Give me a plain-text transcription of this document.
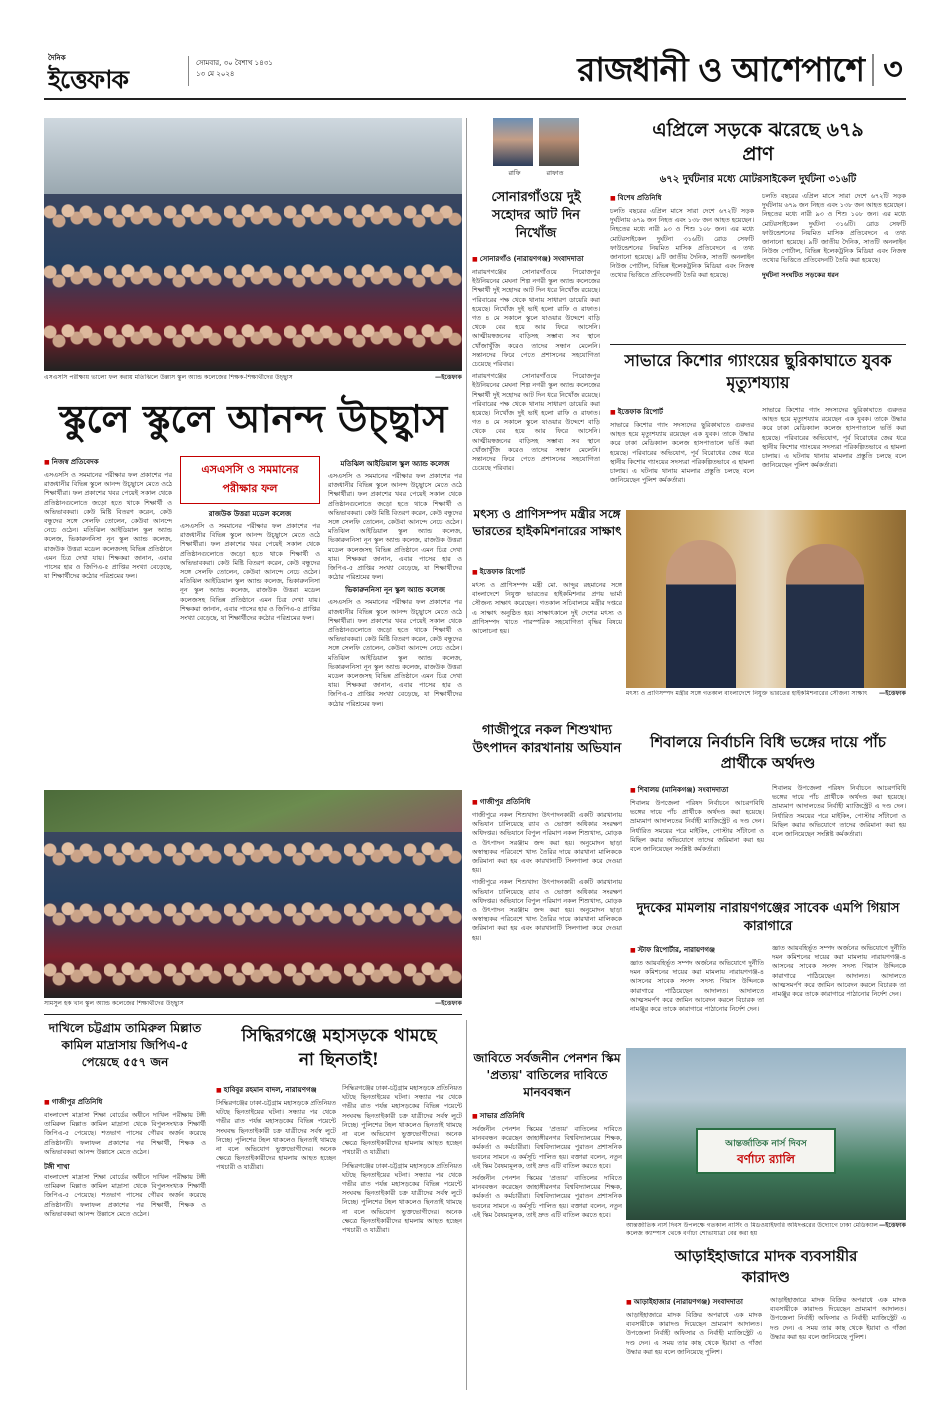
দৈনিক
ইত্তেফাক
সোমবার, ৩০ বৈশাখ ১৪৩১
১৩ মে ২০২৪	রাজধানী ও আশেপাশে ৩
এসএসসি পরীক্ষায় ভালো ফল করায় মতিঝিলে উল্লাস স্কুল অ্যান্ড কলেজের শিক্ষক-শিক্ষার্থীদের উচ্ছ্বাস	—ইত্তেফাক
স্কুলে স্কুলে আনন্দ উচ্ছ্বাস
■ নিজস্ব প্রতিবেদক
এসএসসি ও সমমানের পরীক্ষার ফল প্রকাশের পর রাজধানীর বিভিন্ন স্কুলে আনন্দ উচ্ছ্বাসে মেতে ওঠে শিক্ষার্থীরা। ফল প্রকাশের খবর পেয়েই সকাল থেকে প্রতিষ্ঠানগুলোতে জড়ো হতে থাকে শিক্ষার্থী ও অভিভাবকরা। কেউ মিষ্টি বিতরণ করেন, কেউ বন্ধুদের সঙ্গে সেলফি তোলেন, কেউবা আনন্দে নেচে ওঠেন। মতিঝিল আইডিয়াল স্কুল অ্যান্ড কলেজ, ভিকারুননিসা নূন স্কুল অ্যান্ড কলেজ, রাজউক উত্তরা মডেল কলেজসহ বিভিন্ন প্রতিষ্ঠানে এমন চিত্র দেখা যায়। শিক্ষকরা জানান, এবার পাসের হার ও জিপিএ-৫ প্রাপ্তির সংখ্যা বেড়েছে, যা শিক্ষার্থীদের কঠোর পরিশ্রমের ফল।
এসএসসি ও সমমানের পরীক্ষার ফল
রাজউক উত্তরা মডেল কলেজ
এসএসসি ও সমমানের পরীক্ষার ফল প্রকাশের পর রাজধানীর বিভিন্ন স্কুলে আনন্দ উচ্ছ্বাসে মেতে ওঠে শিক্ষার্থীরা। ফল প্রকাশের খবর পেয়েই সকাল থেকে প্রতিষ্ঠানগুলোতে জড়ো হতে থাকে শিক্ষার্থী ও অভিভাবকরা। কেউ মিষ্টি বিতরণ করেন, কেউ বন্ধুদের সঙ্গে সেলফি তোলেন, কেউবা আনন্দে নেচে ওঠেন। মতিঝিল আইডিয়াল স্কুল অ্যান্ড কলেজ, ভিকারুননিসা নূন স্কুল অ্যান্ড কলেজ, রাজউক উত্তরা মডেল কলেজসহ বিভিন্ন প্রতিষ্ঠানে এমন চিত্র দেখা যায়। শিক্ষকরা জানান, এবার পাসের হার ও জিপিএ-৫ প্রাপ্তির সংখ্যা বেড়েছে, যা শিক্ষার্থীদের কঠোর পরিশ্রমের ফল।
মতিঝিল আইডিয়াল স্কুল অ্যান্ড কলেজ
এসএসসি ও সমমানের পরীক্ষার ফল প্রকাশের পর রাজধানীর বিভিন্ন স্কুলে আনন্দ উচ্ছ্বাসে মেতে ওঠে শিক্ষার্থীরা। ফল প্রকাশের খবর পেয়েই সকাল থেকে প্রতিষ্ঠানগুলোতে জড়ো হতে থাকে শিক্ষার্থী ও অভিভাবকরা। কেউ মিষ্টি বিতরণ করেন, কেউ বন্ধুদের সঙ্গে সেলফি তোলেন, কেউবা আনন্দে নেচে ওঠেন। মতিঝিল আইডিয়াল স্কুল অ্যান্ড কলেজ, ভিকারুননিসা নূন স্কুল অ্যান্ড কলেজ, রাজউক উত্তরা মডেল কলেজসহ বিভিন্ন প্রতিষ্ঠানে এমন চিত্র দেখা যায়। শিক্ষকরা জানান, এবার পাসের হার ও জিপিএ-৫ প্রাপ্তির সংখ্যা বেড়েছে, যা শিক্ষার্থীদের কঠোর পরিশ্রমের ফল।
ভিকারুননিসা নূন স্কুল অ্যান্ড কলেজ
এসএসসি ও সমমানের পরীক্ষার ফল প্রকাশের পর রাজধানীর বিভিন্ন স্কুলে আনন্দ উচ্ছ্বাসে মেতে ওঠে শিক্ষার্থীরা। ফল প্রকাশের খবর পেয়েই সকাল থেকে প্রতিষ্ঠানগুলোতে জড়ো হতে থাকে শিক্ষার্থী ও অভিভাবকরা। কেউ মিষ্টি বিতরণ করেন, কেউ বন্ধুদের সঙ্গে সেলফি তোলেন, কেউবা আনন্দে নেচে ওঠেন। মতিঝিল আইডিয়াল স্কুল অ্যান্ড কলেজ, ভিকারুননিসা নূন স্কুল অ্যান্ড কলেজ, রাজউক উত্তরা মডেল কলেজসহ বিভিন্ন প্রতিষ্ঠানে এমন চিত্র দেখা যায়। শিক্ষকরা জানান, এবার পাসের হার ও জিপিএ-৫ প্রাপ্তির সংখ্যা বেড়েছে, যা শিক্ষার্থীদের কঠোর পরিশ্রমের ফল।
সামসুল হক খান স্কুল অ্যান্ড কলেজের শিক্ষার্থীদের উচ্ছ্বাস	—ইত্তেফাক
দাখিলে চট্টগ্রাম তামিরুল মিল্লাত কামিল মাদ্রাসায় জিপিএ-৫ পেয়েছে ৫৫৭ জন
■ গাজীপুর প্রতিনিধি
বাংলাদেশ মাদ্রাসা শিক্ষা বোর্ডের অধীনে দাখিল পরীক্ষায় টঙ্গী তামিরুল মিল্লাত কামিল মাদ্রাসা থেকে বিপুলসংখ্যক শিক্ষার্থী জিপিএ-৫ পেয়েছে। শতভাগ পাসের গৌরব অর্জন করেছে প্রতিষ্ঠানটি। ফলাফল প্রকাশের পর শিক্ষার্থী, শিক্ষক ও অভিভাবকরা আনন্দ উল্লাসে মেতে ওঠেন।
টঙ্গী শাখা
বাংলাদেশ মাদ্রাসা শিক্ষা বোর্ডের অধীনে দাখিল পরীক্ষায় টঙ্গী তামিরুল মিল্লাত কামিল মাদ্রাসা থেকে বিপুলসংখ্যক শিক্ষার্থী জিপিএ-৫ পেয়েছে। শতভাগ পাসের গৌরব অর্জন করেছে প্রতিষ্ঠানটি। ফলাফল প্রকাশের পর শিক্ষার্থী, শিক্ষক ও অভিভাবকরা আনন্দ উল্লাসে মেতে ওঠেন।
সিদ্ধিরগঞ্জে মহাসড়কে থামছে না ছিনতাই!
■ হাবিবুর রহমান বাদল, নারায়ণগঞ্জ
সিদ্ধিরগঞ্জের ঢাকা-চট্টগ্রাম মহাসড়কে প্রতিনিয়ত ঘটছে ছিনতাইয়ের ঘটনা। সন্ধ্যার পর থেকে গভীর রাত পর্যন্ত মহাসড়কের বিভিন্ন পয়েন্টে সংঘবদ্ধ ছিনতাইকারী চক্র যাত্রীদের সর্বস্ব লুটে নিচ্ছে। পুলিশের টহল থাকলেও ছিনতাই থামছে না বলে অভিযোগ ভুক্তভোগীদের। অনেক ক্ষেত্রে ছিনতাইকারীদের হামলায় আহত হচ্ছেন পথচারী ও যাত্রীরা।
সিদ্ধিরগঞ্জের ঢাকা-চট্টগ্রাম মহাসড়কে প্রতিনিয়ত ঘটছে ছিনতাইয়ের ঘটনা। সন্ধ্যার পর থেকে গভীর রাত পর্যন্ত মহাসড়কের বিভিন্ন পয়েন্টে সংঘবদ্ধ ছিনতাইকারী চক্র যাত্রীদের সর্বস্ব লুটে নিচ্ছে। পুলিশের টহল থাকলেও ছিনতাই থামছে না বলে অভিযোগ ভুক্তভোগীদের। অনেক ক্ষেত্রে ছিনতাইকারীদের হামলায় আহত হচ্ছেন পথচারী ও যাত্রীরা।
সিদ্ধিরগঞ্জের ঢাকা-চট্টগ্রাম মহাসড়কে প্রতিনিয়ত ঘটছে ছিনতাইয়ের ঘটনা। সন্ধ্যার পর থেকে গভীর রাত পর্যন্ত মহাসড়কের বিভিন্ন পয়েন্টে সংঘবদ্ধ ছিনতাইকারী চক্র যাত্রীদের সর্বস্ব লুটে নিচ্ছে। পুলিশের টহল থাকলেও ছিনতাই থামছে না বলে অভিযোগ ভুক্তভোগীদের। অনেক ক্ষেত্রে ছিনতাইকারীদের হামলায় আহত হচ্ছেন পথচারী ও যাত্রীরা।
রাফি	রাফাত
সোনারগাঁওয়ে দুই সহোদর আট দিন নিখোঁজ
■ সোনারগাঁও (নারায়ণগঞ্জ) সংবাদদাতা
নারায়ণগঞ্জের সোনারগাঁওয়ে পিরোজপুর ইউনিয়নের মেঘনা শিল্প নগরী স্কুল অ্যান্ড কলেজের শিক্ষার্থী দুই সহোদর আট দিন ধরে নিখোঁজ রয়েছে। পরিবারের পক্ষ থেকে থানায় সাধারণ ডায়েরি করা হয়েছে। নিখোঁজ দুই ভাই হলো রাফি ও রাফাত। গত ৪ মে সকালে স্কুলে যাওয়ার উদ্দেশে বাড়ি থেকে বের হয়ে আর ফিরে আসেনি। আত্মীয়স্বজনের বাড়িসহ সম্ভাব্য সব স্থানে খোঁজাখুঁজি করেও তাদের সন্ধান মেলেনি। সন্তানদের ফিরে পেতে প্রশাসনের সহযোগিতা চেয়েছে পরিবার।
নারায়ণগঞ্জের সোনারগাঁওয়ে পিরোজপুর ইউনিয়নের মেঘনা শিল্প নগরী স্কুল অ্যান্ড কলেজের শিক্ষার্থী দুই সহোদর আট দিন ধরে নিখোঁজ রয়েছে। পরিবারের পক্ষ থেকে থানায় সাধারণ ডায়েরি করা হয়েছে। নিখোঁজ দুই ভাই হলো রাফি ও রাফাত। গত ৪ মে সকালে স্কুলে যাওয়ার উদ্দেশে বাড়ি থেকে বের হয়ে আর ফিরে আসেনি। আত্মীয়স্বজনের বাড়িসহ সম্ভাব্য সব স্থানে খোঁজাখুঁজি করেও তাদের সন্ধান মেলেনি। সন্তানদের ফিরে পেতে প্রশাসনের সহযোগিতা চেয়েছে পরিবার।
এপ্রিলে সড়কে ঝরেছে ৬৭৯ প্রাণ
৬৭২ দুর্ঘটনার মধ্যে মোটরসাইকেল দুর্ঘটনা ৩১৬টি
■ বিশেষ প্রতিনিধি
চলতি বছরের এপ্রিল মাসে সারা দেশে ৬৭২টি সড়ক দুর্ঘটনায় ৬৭৯ জন নিহত এবং ১৩৮ জন আহত হয়েছেন। নিহতের মধ্যে নারী ৯৩ ও শিশু ১০৮ জন। এর মধ্যে মোটরসাইকেল দুর্ঘটনা ৩১৬টি। রোড সেফটি ফাউন্ডেশনের নিয়মিত মাসিক প্রতিবেদনে এ তথ্য জানানো হয়েছে। ৯টি জাতীয় দৈনিক, সাতটি অনলাইন নিউজ পোর্টাল, বিভিন্ন ইলেকট্রনিক মিডিয়া এবং নিজস্ব তথ্যের ভিত্তিতে প্রতিবেদনটি তৈরি করা হয়েছে।
চলতি বছরের এপ্রিল মাসে সারা দেশে ৬৭২টি সড়ক দুর্ঘটনায় ৬৭৯ জন নিহত এবং ১৩৮ জন আহত হয়েছেন। নিহতের মধ্যে নারী ৯৩ ও শিশু ১০৮ জন। এর মধ্যে মোটরসাইকেল দুর্ঘটনা ৩১৬টি। রোড সেফটি ফাউন্ডেশনের নিয়মিত মাসিক প্রতিবেদনে এ তথ্য জানানো হয়েছে। ৯টি জাতীয় দৈনিক, সাতটি অনলাইন নিউজ পোর্টাল, বিভিন্ন ইলেকট্রনিক মিডিয়া এবং নিজস্ব তথ্যের ভিত্তিতে প্রতিবেদনটি তৈরি করা হয়েছে।
দুর্ঘটনা সংঘটিত সড়কের ধরন
সাভারে কিশোর গ্যাংয়ের ছুরিকাঘাতে যুবক মৃত্যুশয্যায়
■ ইত্তেফাক রিপোর্ট
সাভারে কিশোর গ্যাং সদস্যদের ছুরিকাঘাতে গুরুতর আহত হয়ে মৃত্যুশয্যায় রয়েছেন এক যুবক। তাকে উদ্ধার করে ঢাকা মেডিক্যাল কলেজ হাসপাতালে ভর্তি করা হয়েছে। পরিবারের অভিযোগ, পূর্ব বিরোধের জের ধরে স্থানীয় কিশোর গ্যাংয়ের সদস্যরা পরিকল্পিতভাবে এ হামলা চালায়। এ ঘটনায় থানায় মামলার প্রস্তুতি চলছে বলে জানিয়েছেন পুলিশ কর্মকর্তারা।
সাভারে কিশোর গ্যাং সদস্যদের ছুরিকাঘাতে গুরুতর আহত হয়ে মৃত্যুশয্যায় রয়েছেন এক যুবক। তাকে উদ্ধার করে ঢাকা মেডিক্যাল কলেজ হাসপাতালে ভর্তি করা হয়েছে। পরিবারের অভিযোগ, পূর্ব বিরোধের জের ধরে স্থানীয় কিশোর গ্যাংয়ের সদস্যরা পরিকল্পিতভাবে এ হামলা চালায়। এ ঘটনায় থানায় মামলার প্রস্তুতি চলছে বলে জানিয়েছেন পুলিশ কর্মকর্তারা।
মৎস্য ও প্রাণিসম্পদ মন্ত্রীর সঙ্গে ভারতের হাইকমিশনারের সাক্ষাৎ
■ ইত্তেফাক রিপোর্ট
মৎস্য ও প্রাণিসম্পদ মন্ত্রী মো. আব্দুর রহমানের সঙ্গে বাংলাদেশে নিযুক্ত ভারতের হাইকমিশনার প্রণয় ভার্মা সৌজন্য সাক্ষাৎ করেছেন। গতকাল সচিবালয়ে মন্ত্রীর দপ্তরে এ সাক্ষাৎ অনুষ্ঠিত হয়। সাক্ষাৎকালে দুই দেশের মৎস্য ও প্রাণিসম্পদ খাতে পারস্পরিক সহযোগিতা বৃদ্ধির বিষয়ে আলোচনা হয়।
মৎস্য ও প্রাণিসম্পদ মন্ত্রীর সঙ্গে গতকাল বাংলাদেশে নিযুক্ত ভারতের হাইকমিশনারের সৌজন্য সাক্ষাৎ —ইত্তেফাক
গাজীপুরে নকল শিশুখাদ্য উৎপাদন কারখানায় অভিযান
■ গাজীপুর প্রতিনিধি
গাজীপুরে নকল শিশুখাদ্য উৎপাদনকারী একটি কারখানায় অভিযান চালিয়েছে র‌্যাব ও ভোক্তা অধিকার সংরক্ষণ অধিদপ্তর। অভিযানে বিপুল পরিমাণ নকল শিশুখাদ্য, মোড়ক ও উৎপাদন সরঞ্জাম জব্দ করা হয়। অনুমোদন ছাড়া অস্বাস্থ্যকর পরিবেশে খাদ্য তৈরির দায়ে কারখানা মালিককে জরিমানা করা হয় এবং কারখানাটি সিলগালা করে দেওয়া হয়।
গাজীপুরে নকল শিশুখাদ্য উৎপাদনকারী একটি কারখানায় অভিযান চালিয়েছে র‌্যাব ও ভোক্তা অধিকার সংরক্ষণ অধিদপ্তর। অভিযানে বিপুল পরিমাণ নকল শিশুখাদ্য, মোড়ক ও উৎপাদন সরঞ্জাম জব্দ করা হয়। অনুমোদন ছাড়া অস্বাস্থ্যকর পরিবেশে খাদ্য তৈরির দায়ে কারখানা মালিককে জরিমানা করা হয় এবং কারখানাটি সিলগালা করে দেওয়া হয়।
শিবালয়ে নির্বাচনি বিধি ভঙ্গের দায়ে পাঁচ প্রার্থীকে অর্থদণ্ড
■ শিবালয় (মানিকগঞ্জ) সংবাদদাতা
শিবালয় উপজেলা পরিষদ নির্বাচনে আচরণবিধি ভঙ্গের দায়ে পাঁচ প্রার্থীকে অর্থদণ্ড করা হয়েছে। ভ্রাম্যমাণ আদালতের নির্বাহী ম্যাজিস্ট্রেট এ দণ্ড দেন। নির্ধারিত সময়ের পরে মাইকিং, পোস্টার সাঁটানো ও মিছিল করার অভিযোগে তাদের জরিমানা করা হয় বলে জানিয়েছেন সংশ্লিষ্ট কর্মকর্তারা।
শিবালয় উপজেলা পরিষদ নির্বাচনে আচরণবিধি ভঙ্গের দায়ে পাঁচ প্রার্থীকে অর্থদণ্ড করা হয়েছে। ভ্রাম্যমাণ আদালতের নির্বাহী ম্যাজিস্ট্রেট এ দণ্ড দেন। নির্ধারিত সময়ের পরে মাইকিং, পোস্টার সাঁটানো ও মিছিল করার অভিযোগে তাদের জরিমানা করা হয় বলে জানিয়েছেন সংশ্লিষ্ট কর্মকর্তারা।
দুদকের মামলায় নারায়ণগঞ্জের সাবেক এমপি গিয়াস কারাগারে
■ স্টাফ রিপোর্টার, নারায়ণগঞ্জ
জ্ঞাত আয়বহির্ভূত সম্পদ অর্জনের অভিযোগে দুর্নীতি দমন কমিশনের দায়ের করা মামলায় নারায়ণগঞ্জ-৪ আসনের সাবেক সংসদ সদস্য গিয়াস উদ্দিনকে কারাগারে পাঠিয়েছেন আদালত। আদালতে আত্মসমর্পণ করে জামিন আবেদন করলে বিচারক তা নামঞ্জুর করে তাকে কারাগারে পাঠানোর নির্দেশ দেন।
জ্ঞাত আয়বহির্ভূত সম্পদ অর্জনের অভিযোগে দুর্নীতি দমন কমিশনের দায়ের করা মামলায় নারায়ণগঞ্জ-৪ আসনের সাবেক সংসদ সদস্য গিয়াস উদ্দিনকে কারাগারে পাঠিয়েছেন আদালত। আদালতে আত্মসমর্পণ করে জামিন আবেদন করলে বিচারক তা নামঞ্জুর করে তাকে কারাগারে পাঠানোর নির্দেশ দেন।
জাবিতে সর্বজনীন পেনশন স্কিম 'প্রত্যয়' বাতিলের দাবিতে মানববন্ধন
■ সাভার প্রতিনিধি
সর্বজনীন পেনশন স্কিমের 'প্রত্যয়' বাতিলের দাবিতে মানববন্ধন করেছেন জাহাঙ্গীরনগর বিশ্ববিদ্যালয়ের শিক্ষক, কর্মকর্তা ও কর্মচারীরা। বিশ্ববিদ্যালয়ের পুরাতন প্রশাসনিক ভবনের সামনে এ কর্মসূচি পালিত হয়। বক্তারা বলেন, নতুন এই স্কিম বৈষম্যমূলক, তাই দ্রুত এটি বাতিল করতে হবে।
সর্বজনীন পেনশন স্কিমের 'প্রত্যয়' বাতিলের দাবিতে মানববন্ধন করেছেন জাহাঙ্গীরনগর বিশ্ববিদ্যালয়ের শিক্ষক, কর্মকর্তা ও কর্মচারীরা। বিশ্ববিদ্যালয়ের পুরাতন প্রশাসনিক ভবনের সামনে এ কর্মসূচি পালিত হয়। বক্তারা বলেন, নতুন এই স্কিম বৈষম্যমূলক, তাই দ্রুত এটি বাতিল করতে হবে।
আন্তর্জাতিক নার্স দিবস
বর্ণাঢ্য র‌্যালি
আন্তর্জাতিক নার্স দিবস উপলক্ষে গতকাল নার্সিং ও মিডওয়াইফারি অধিদপ্তরের উদ্যোগে ঢাকা মেডিক্যাল কলেজ ক্যাম্পাস থেকে বর্ণাঢ্য শোভাযাত্রা বের করা হয়
—ইত্তেফাক
আড়াইহাজারে মাদক ব্যবসায়ীর কারাদণ্ড
■ আড়াইহাজার (নারায়ণগঞ্জ) সংবাদদাতা
আড়াইহাজারে মাদক বিক্রির অপরাধে এক মাদক ব্যবসায়ীকে কারাদণ্ড দিয়েছেন ভ্রাম্যমাণ আদালত। উপজেলা নির্বাহী অফিসার ও নির্বাহী ম্যাজিস্ট্রেট এ দণ্ড দেন। এ সময় তার কাছ থেকে ইয়াবা ও গাঁজা উদ্ধার করা হয় বলে জানিয়েছে পুলিশ।
আড়াইহাজারে মাদক বিক্রির অপরাধে এক মাদক ব্যবসায়ীকে কারাদণ্ড দিয়েছেন ভ্রাম্যমাণ আদালত। উপজেলা নির্বাহী অফিসার ও নির্বাহী ম্যাজিস্ট্রেট এ দণ্ড দেন। এ সময় তার কাছ থেকে ইয়াবা ও গাঁজা উদ্ধার করা হয় বলে জানিয়েছে পুলিশ।
